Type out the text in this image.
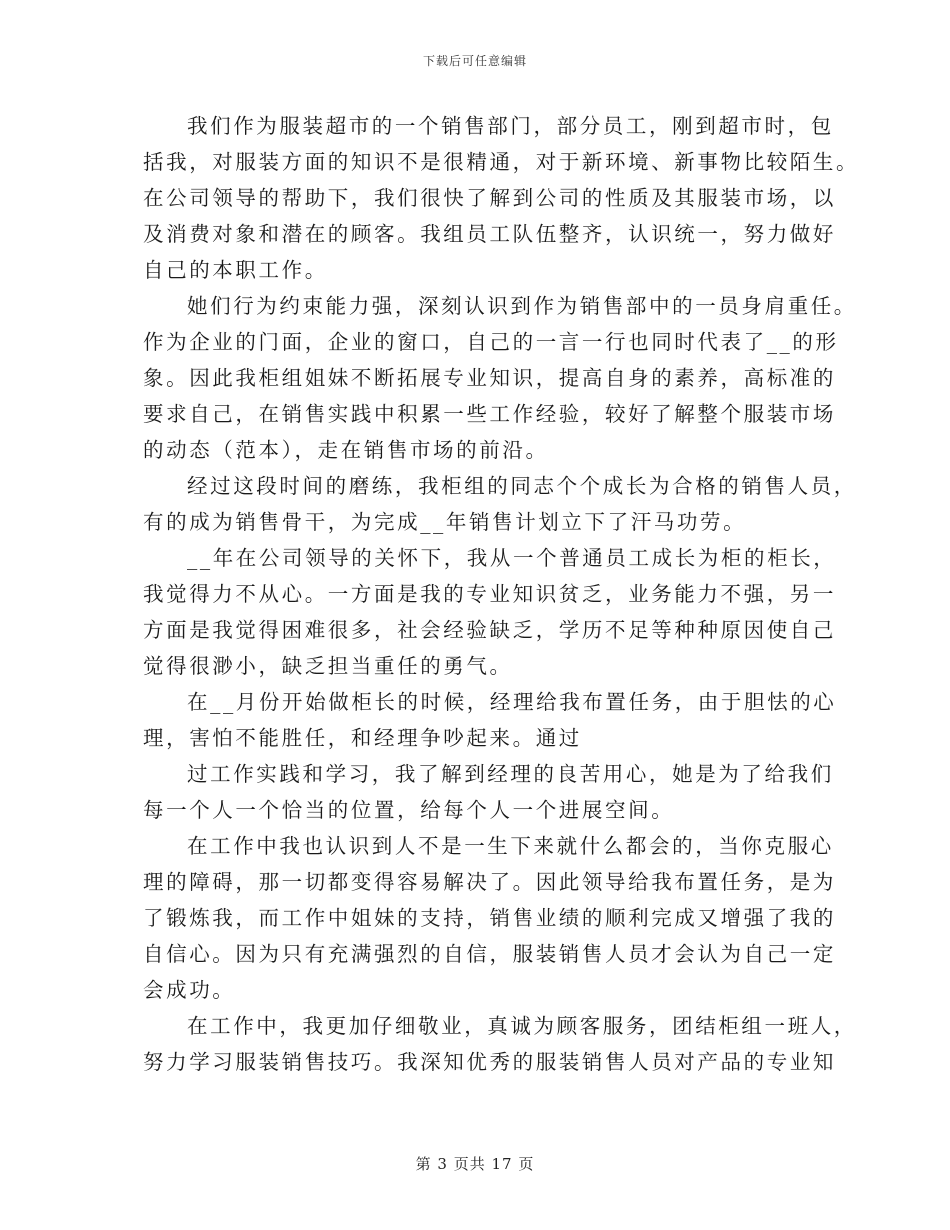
下载后可任意编辑
我们作为服装超市的一个销售部门，部分员工，刚到超市时，包
括我，对服装方面的知识不是很精通，对于新环境、新事物比较陌生。
在公司领导的帮助下，我们很快了解到公司的性质及其服装市场，以
及消费对象和潜在的顾客。我组员工队伍整齐，认识统一，努力做好
自己的本职工作。
她们行为约束能力强，深刻认识到作为销售部中的一员身肩重任。
作为企业的门面，企业的窗口，自己的一言一行也同时代表了__的形
象。因此我柜组姐妹不断拓展专业知识，提高自身的素养，高标准的
要求自己，在销售实践中积累一些工作经验，较好了解整个服装市场
的动态（范本），走在销售市场的前沿。
经过这段时间的磨练，我柜组的同志个个成长为合格的销售人员，
有的成为销售骨干，为完成__年销售计划立下了汗马功劳。
__年在公司领导的关怀下，我从一个普通员工成长为柜的柜长，
我觉得力不从心。一方面是我的专业知识贫乏，业务能力不强，另一
方面是我觉得困难很多，社会经验缺乏，学历不足等种种原因使自己
觉得很渺小，缺乏担当重任的勇气。
在__月份开始做柜长的时候，经理给我布置任务，由于胆怯的心
理，害怕不能胜任，和经理争吵起来。通过
过工作实践和学习，我了解到经理的良苦用心，她是为了给我们
每一个人一个恰当的位置，给每个人一个进展空间。
在工作中我也认识到人不是一生下来就什么都会的，当你克服心
理的障碍，那一切都变得容易解决了。因此领导给我布置任务，是为
了锻炼我，而工作中姐妹的支持，销售业绩的顺利完成又增强了我的
自信心。因为只有充满强烈的自信，服装销售人员才会认为自己一定
会成功。
在工作中，我更加仔细敬业，真诚为顾客服务，团结柜组一班人，
努力学习服装销售技巧。我深知优秀的服装销售人员对产品的专业知
第 3 页共 17 页
